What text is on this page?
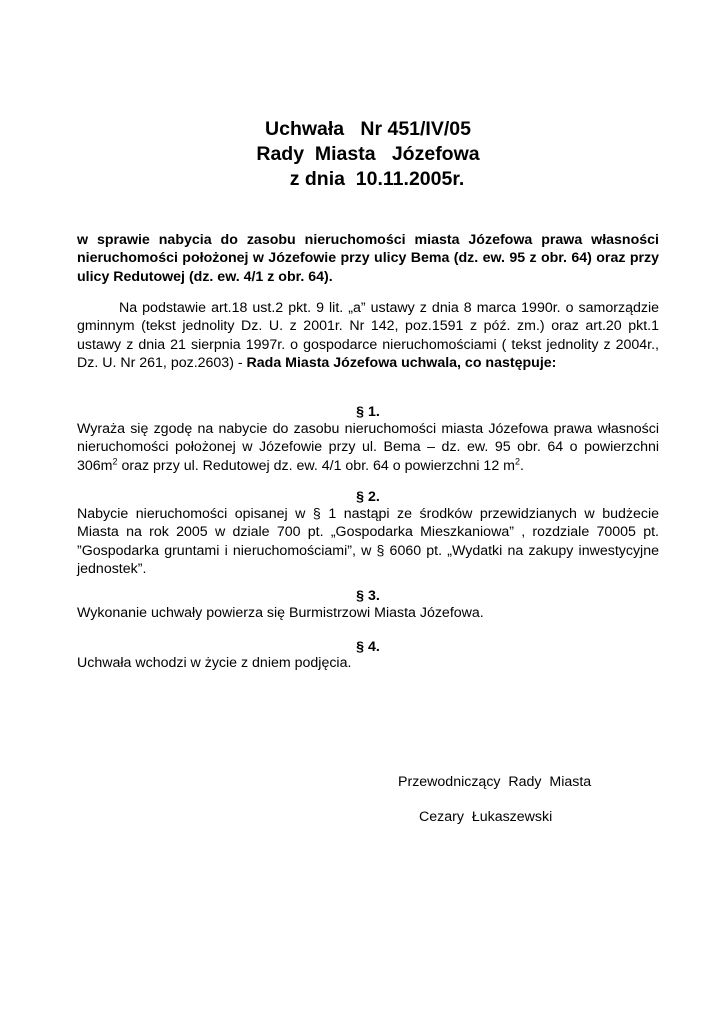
Uchwała   Nr 451/IV/05
Rady  Miasta   Józefowa
z dnia  10.11.2005r.
w sprawie nabycia do zasobu nieruchomości miasta Józefowa prawa własności nieruchomości położonej w Józefowie przy ulicy Bema (dz. ew. 95 z obr. 64) oraz przy ulicy Redutowej (dz. ew. 4/1 z obr. 64).
Na podstawie art.18 ust.2 pkt. 9 lit. „a” ustawy z dnia 8 marca 1990r. o samorządzie gminnym (tekst jednolity Dz. U. z 2001r. Nr 142, poz.1591 z póź. zm.) oraz art.20 pkt.1 ustawy z dnia 21 sierpnia 1997r. o gospodarce nieruchomościami ( tekst jednolity z 2004r., Dz. U. Nr 261, poz.2603) - Rada Miasta Józefowa uchwala, co następuje:
§ 1.
Wyraża się zgodę na nabycie do zasobu nieruchomości miasta Józefowa prawa własności nieruchomości położonej w Józefowie przy ul. Bema – dz. ew. 95 obr. 64 o powierzchni $306m^2$ oraz przy ul. Redutowej dz. ew. 4/1 obr. 64 o powierzchni 12 $m^2$.
§ 2.
Nabycie nieruchomości opisanej w § 1 nastąpi ze środków przewidzianych w budżecie Miasta na rok 2005 w dziale 700 pt. „Gospodarka Mieszkaniowa” , rozdziale 70005 pt. ”Gospodarka gruntami i nieruchomościami”, w § 6060 pt. „Wydatki na zakupy inwestycyjne jednostek”.
§ 3.
Wykonanie uchwały powierza się Burmistrzowi Miasta Józefowa.
§ 4.
Uchwała wchodzi w życie z dniem podjęcia.
Przewodniczący  Rady  Miasta
Cezary  Łukaszewski
